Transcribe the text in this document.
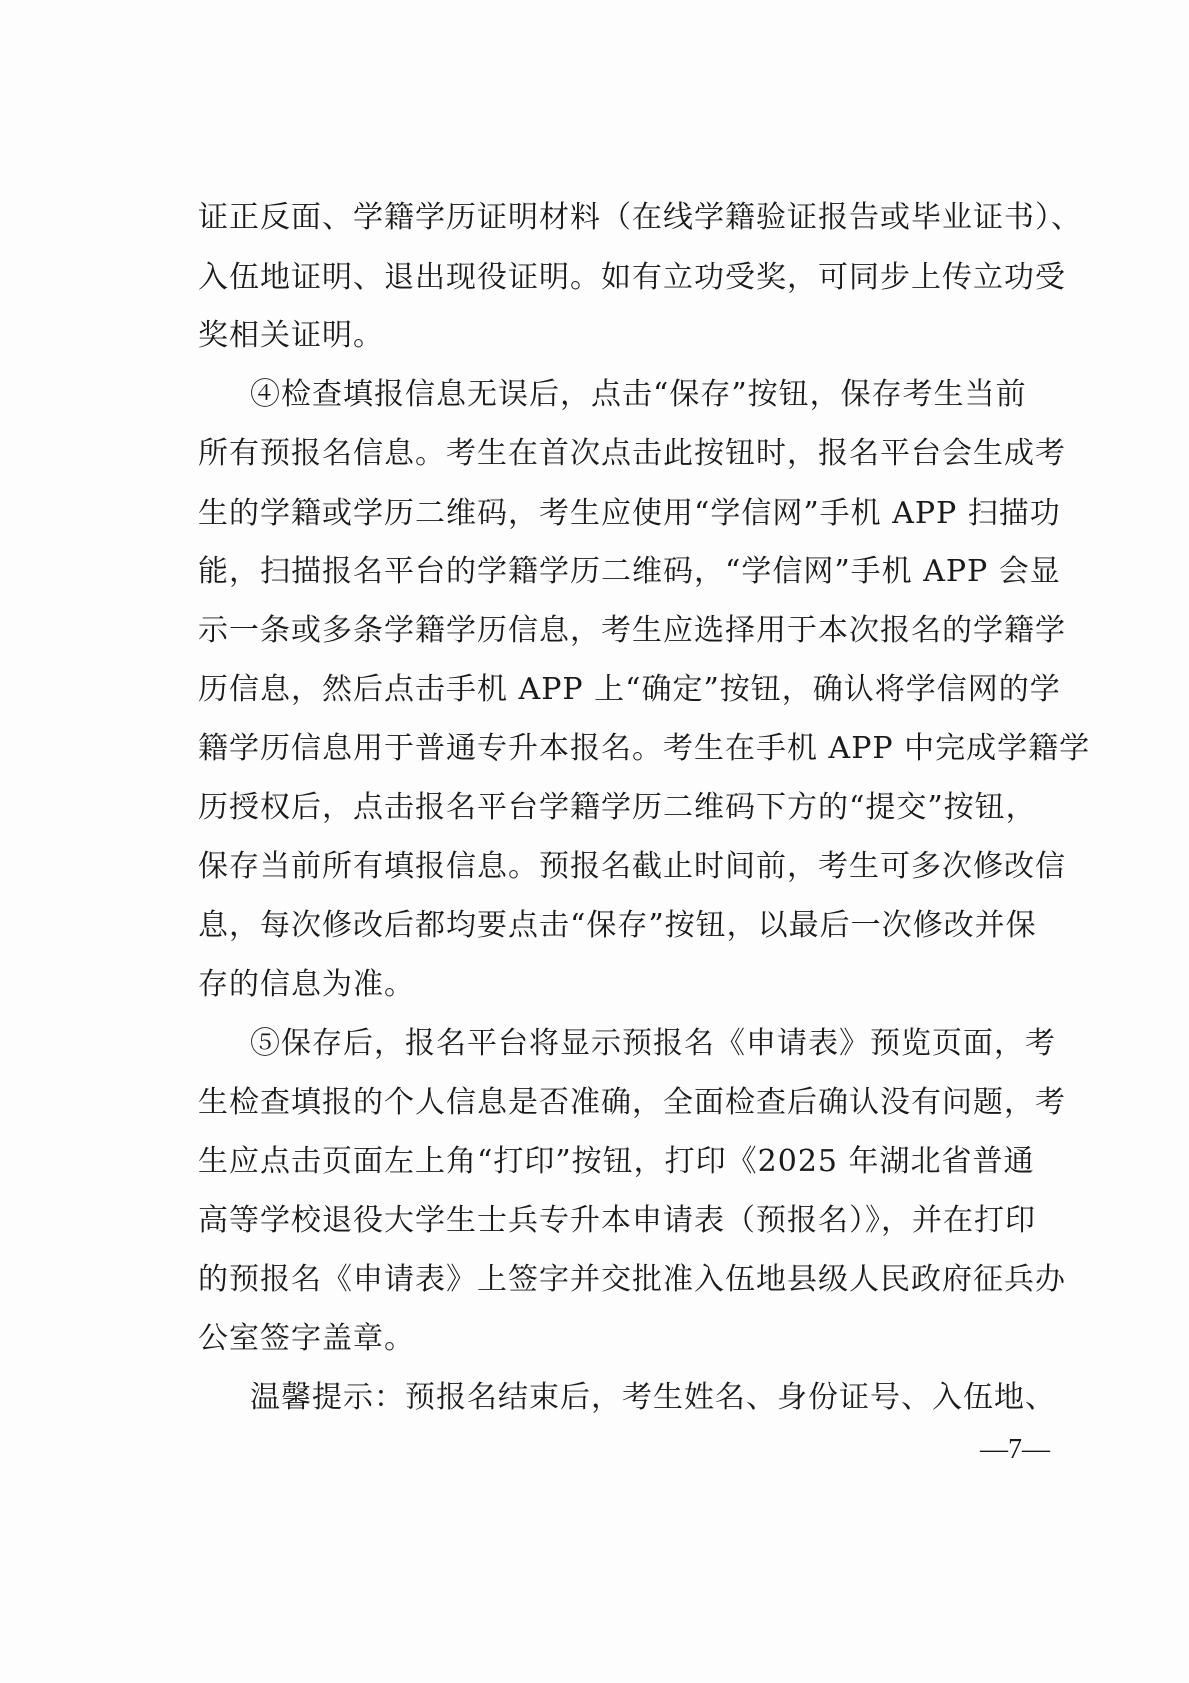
证正反面、学籍学历证明材料（在线学籍验证报告或毕业证书）、
入伍地证明、退出现役证明。如有立功受奖，可同步上传立功受
奖相关证明。
④检查填报信息无误后，点击“保存”按钮，保存考生当前
所有预报名信息。考生在首次点击此按钮时，报名平台会生成考
生的学籍或学历二维码，考生应使用“学信网”手机 APP 扫描功
能，扫描报名平台的学籍学历二维码，“学信网”手机 APP 会显
示一条或多条学籍学历信息，考生应选择用于本次报名的学籍学
历信息，然后点击手机 APP 上“确定”按钮，确认将学信网的学
籍学历信息用于普通专升本报名。考生在手机 APP 中完成学籍学
历授权后，点击报名平台学籍学历二维码下方的“提交”按钮，
保存当前所有填报信息。预报名截止时间前，考生可多次修改信
息，每次修改后都均要点击“保存”按钮，以最后一次修改并保
存的信息为准。
⑤保存后，报名平台将显示预报名《申请表》预览页面，考
生检查填报的个人信息是否准确，全面检查后确认没有问题，考
生应点击页面左上角“打印”按钮，打印《2025 年湖北省普通
高等学校退役大学生士兵专升本申请表（预报名）》，并在打印
的预报名《申请表》上签字并交批准入伍地县级人民政府征兵办
公室签字盖章。
温馨提示：预报名结束后，考生姓名、身份证号、入伍地、
—7—
